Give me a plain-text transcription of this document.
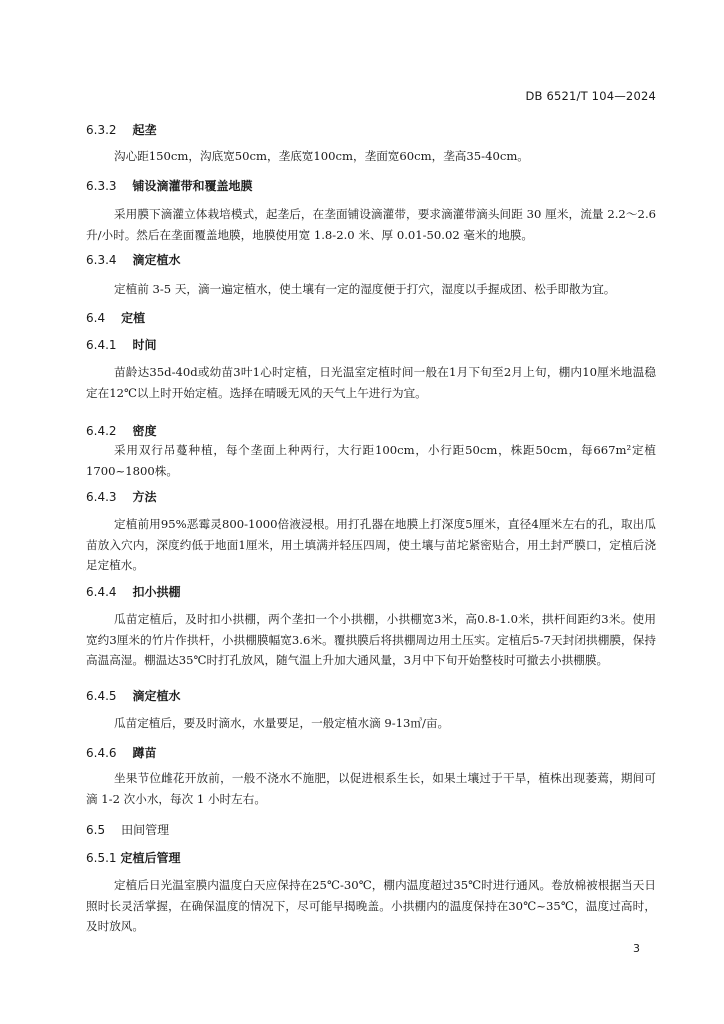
DB 6521/T 104—2024
6.3.2 起垄

沟心距150cm，沟底宽50cm，垄底宽100cm，垄面宽60cm，垄高35-40cm。

6.3.3 铺设滴灌带和覆盖地膜

采用膜下滴灌立体栽培模式，起垄后，在垄面铺设滴灌带，要求滴灌带滴头间距 30 厘米，流量 2.2～2.6 升/小时。然后在垄面覆盖地膜，地膜使用宽 1.8-2.0 米、厚 0.01-50.02 毫米的地膜。

6.3.4 滴定植水

定植前 3-5 天，滴一遍定植水，使土壤有一定的湿度便于打穴，湿度以手握成团、松手即散为宜。

6.4 定植
6.4.1 时间

苗龄达35d-40d或幼苗3叶1心时定植，日光温室定植时间一般在1月下旬至2月上旬，棚内10厘米地温稳定在12℃以上时开始定植。选择在晴暖无风的天气上午进行为宜。

6.4.2 密度

采用双行吊蔓种植，每个垄面上种两行，大行距100cm，小行距50cm，株距50cm，每667m²定植1700~1800株。

6.4.3 方法

定植前用95%恶霉灵800-1000倍液浸根。用打孔器在地膜上打深度5厘米，直径4厘米左右的孔，取出瓜苗放入穴内，深度约低于地面1厘米，用土填满并轻压四周，使土壤与苗坨紧密贴合，用土封严膜口，定植后浇足定植水。

6.4.4 扣小拱棚

瓜苗定植后，及时扣小拱棚，两个垄扣一个小拱棚，小拱棚宽3米，高0.8-1.0米，拱杆间距约3米。使用宽约3厘米的竹片作拱杆，小拱棚膜幅宽3.6米。覆拱膜后将拱棚周边用土压实。定植后5-7天封闭拱棚膜，保持高温高湿。棚温达35℃时打孔放风，随气温上升加大通风量，3月中下旬开始整枝时可撤去小拱棚膜。

6.4.5 滴定植水

瓜苗定植后，要及时滴水，水量要足，一般定植水滴 9-13㎥/亩。

6.4.6 蹲苗

坐果节位雌花开放前，一般不浇水不施肥，以促进根系生长，如果土壤过于干旱，植株出现萎蔫，期间可滴 1-2 次小水，每次 1 小时左右。

6.5 田间管理
6.5.1 定植后管理

定植后日光温室膜内温度白天应保持在25℃-30℃，棚内温度超过35℃时进行通风。卷放棉被根据当天日照时长灵活掌握，在确保温度的情况下，尽可能早揭晚盖。小拱棚内的温度保持在30℃~35℃，温度过高时，及时放风。

3
